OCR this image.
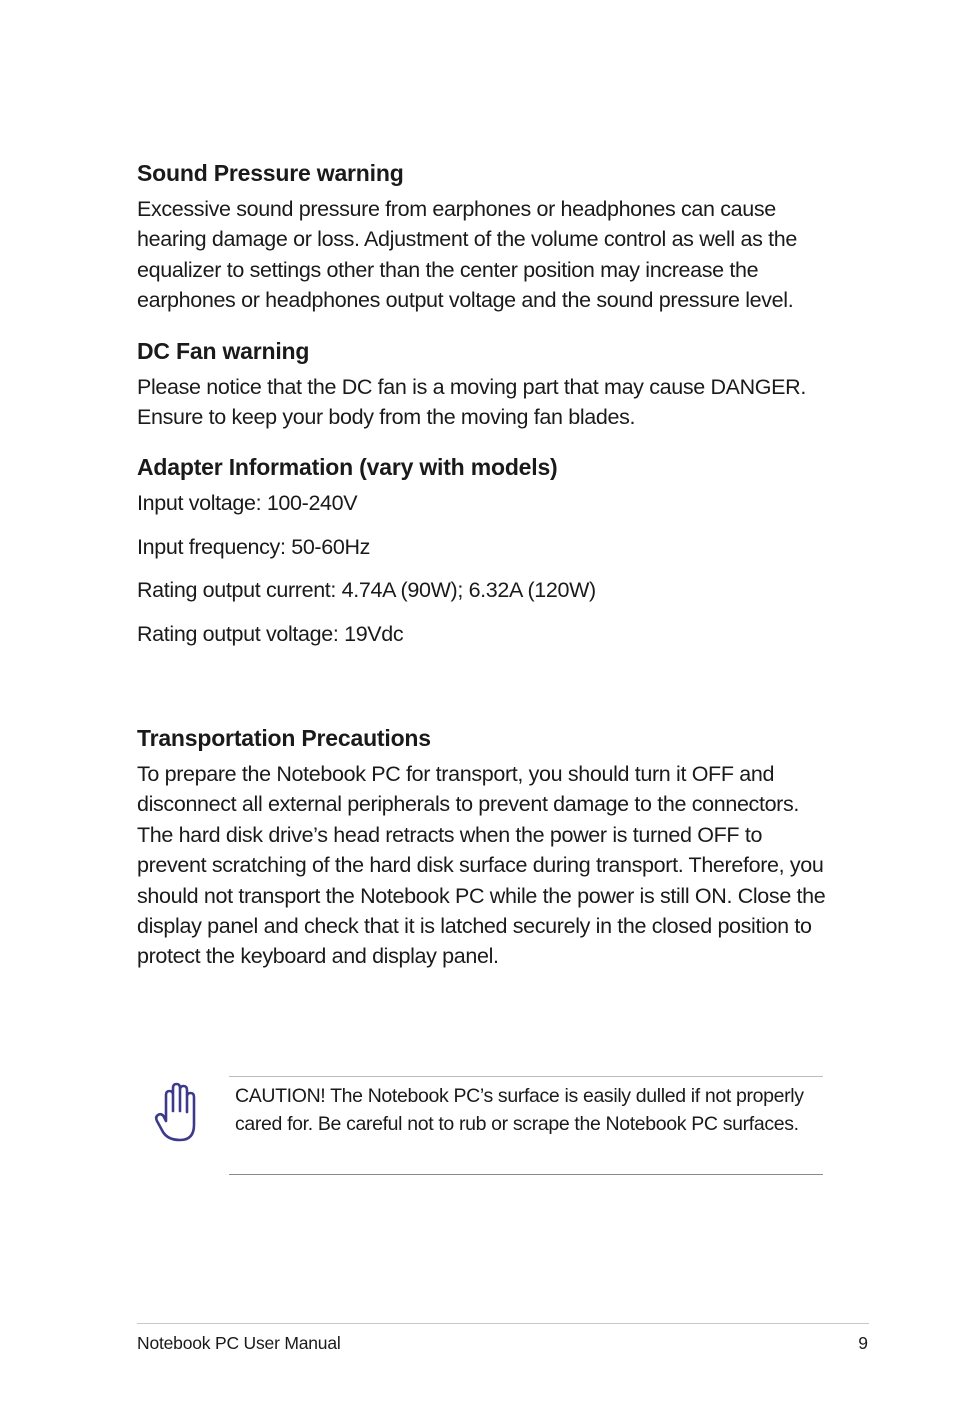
Sound Pressure warning

Excessive sound pressure from earphones or headphones can cause hearing damage or loss. Adjustment of the volume control as well as the equalizer to settings other than the center position may increase the earphones or headphones output voltage and the sound pressure level.

DC Fan warning

Please notice that the DC fan is a moving part that may cause DANGER. Ensure to keep your body from the moving fan blades.

Adapter Information (vary with models)
Input voltage: 100-240V
Input frequency: 50-60Hz
Rating output current: 4.74A (90W); 6.32A (120W)
Rating output voltage: 19Vdc
Transportation Precautions

To prepare the Notebook PC for transport, you should turn it OFF and disconnect all external peripherals to prevent damage to the connectors. The hard disk drive’s head retracts when the power is turned OFF to prevent scratching of the hard disk surface during transport. Therefore, you should not transport the Notebook PC while the power is still ON. Close the display panel and check that it is latched securely in the closed position to protect the keyboard and display panel.

CAUTION! The Notebook PC’s surface is easily dulled if not properly cared for. Be careful not to rub or scrape the Notebook PC surfaces.

Notebook PC User Manual	9
